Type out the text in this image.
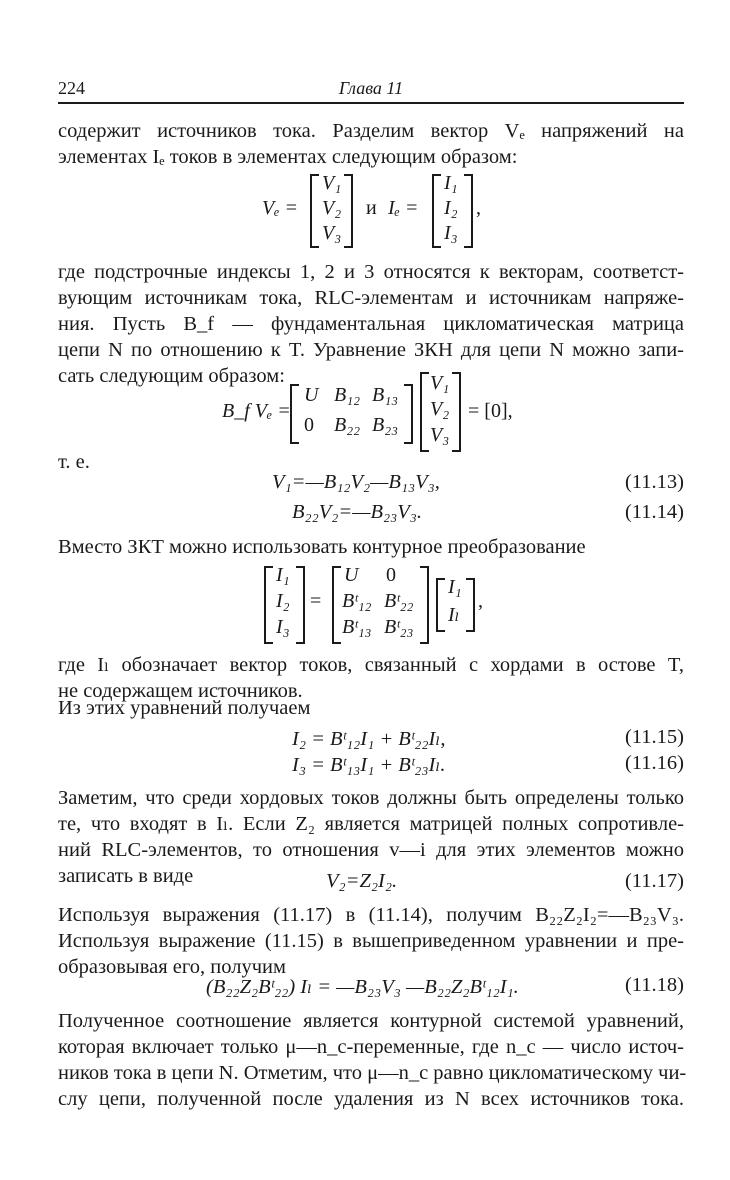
224	Глава 11

содержит источников тока. Разделим вектор Vₑ напряжений на
элементах Iₑ токов в элементах следующим образом:

Vₑ =
V₁
V₂
V₃
и Iₑ =
I₁
I₂
I₃
,

где подстрочные индексы 1, 2 и 3 относятся к векторам, соответст-
вующим источникам тока, RLC-элементам и источникам напряже-
ния. Пусть B_f — фундаментальная цикломатическая матрица
цепи N по отношению к T. Уравнение ЗКН для цепи N можно запи-
сать следующим образом:

B_f Vₑ =
U B₁₂ B₁₃
0 B₂₂ B₂₃
V₁
V₂
V₃
= [0],
т. е.
V₁=—B₁₂V₂—B₁₃V₃,	(11.13)
B₂₂V₂=—B₂₃V₃.	(11.14)

Вместо ЗКТ можно использовать контурное преобразование

I₁
I₂
I₃
=
U 0
Bᵗ₁₂ Bᵗ₂₂
Bᵗ₁₃ Bᵗ₂₃
I₁
Iₗ
,

где Iₗ обозначает вектор токов, связанный с хордами в остове T,
не содержащем источников.

Из этих уравнений получаем

I₂ = Bᵗ₁₂I₁ + Bᵗ₂₂Iₗ,	(11.15)
I₃ = Bᵗ₁₃I₁ + Bᵗ₂₃Iₗ.	(11.16)

Заметим, что среди хордовых токов должны быть определены только
те, что входят в Iₗ. Если Z₂ является матрицей полных сопротивле-
ний RLC-элементов, то отношения v—i для этих элементов можно
записать в виде	V₂=Z₂I₂.	(11.17)

Используя выражения (11.17) в (11.14), получим B₂₂Z₂I₂=—B₂₃V₃.
Используя выражение (11.15) в вышеприведенном уравнении и пре-
образовывая его, получим

(B₂₂Z₂Bᵗ₂₂) Iₗ = —B₂₃V₃ —B₂₂Z₂Bᵗ₁₂I₁.	(11.18)

Полученное соотношение является контурной системой уравнений,
которая включает только μ—n_c-переменные, где n_c — число источ-
ников тока в цепи N. Отметим, что μ—n_c равно цикломатическому чи-
слу цепи, полученной после удаления из N всех источников тока.
